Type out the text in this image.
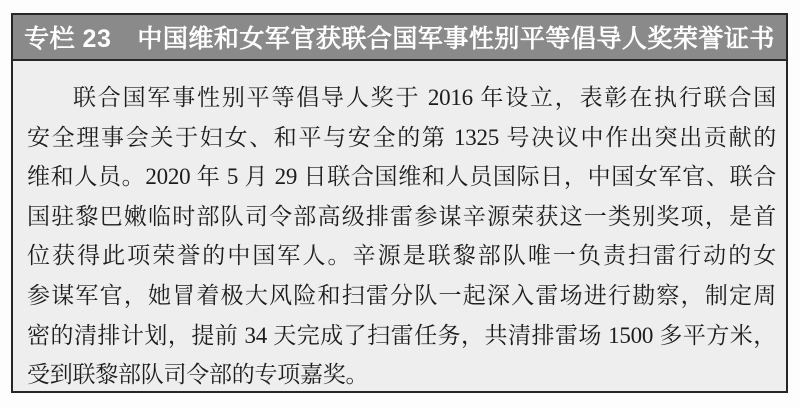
专栏 23 中国维和女军官获联合国军事性别平等倡导人奖荣誉证书
联合国军事性别平等倡导人奖于 2016 年设立，表彰在执行联合国
安全理事会关于妇女、和平与安全的第 1325 号决议中作出突出贡献的
维和人员。2020 年 5 月 29 日联合国维和人员国际日，中国女军官、联合
国驻黎巴嫩临时部队司令部高级排雷参谋辛源荣获这一类别奖项，是首
位获得此项荣誉的中国军人。辛源是联黎部队唯一负责扫雷行动的女
参谋军官，她冒着极大风险和扫雷分队一起深入雷场进行勘察，制定周
密的清排计划，提前 34 天完成了扫雷任务，共清排雷场 1500 多平方米，
受到联黎部队司令部的专项嘉奖。
